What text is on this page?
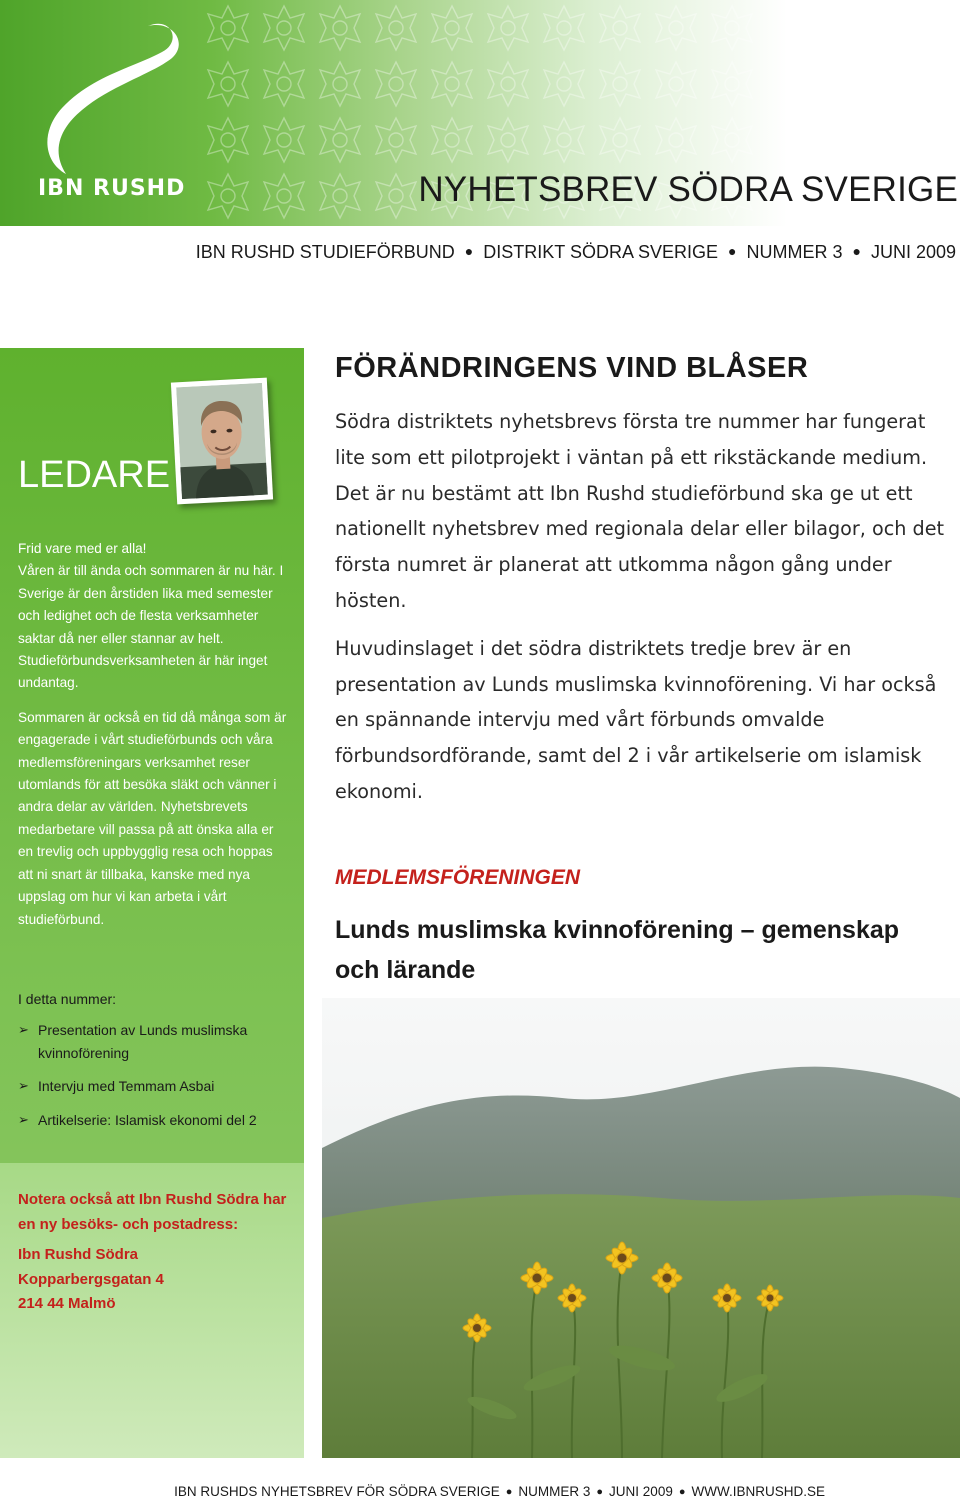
IBN RUSHD	NYHETSBREV SÖDRA SVERIGE
IBN RUSHD STUDIEFÖRBUND ● DISTRIKT SÖDRA SVERIGE ● NUMMER 3 ● JUNI 2009
LEDARE

Frid vare med er alla!

Våren är till ända och sommaren är nu här. I Sverige är den årstiden lika med semester och ledighet och de flesta verksamheter saktar då ner eller stannar av helt. Studieförbundsverksamheten är här inget undantag.

Sommaren är också en tid då många som är engagerade i vårt studieförbunds och våra medlemsföreningars verksamhet reser utomlands för att besöka släkt och vänner i andra delar av världen. Nyhetsbrevets medarbetare vill passa på att önska alla er en trevlig och uppbygglig resa och hoppas att ni snart är tillbaka, kanske med nya uppslag om hur vi kan arbeta i vårt studieförbund.

I detta nummer:
➢ Presentation av Lunds muslimska kvinnoförening
➢ Intervju med Temmam Asbai
➢ Artikelserie: Islamisk ekonomi del 2
Notera också att Ibn Rushd Södra har en ny besöks- och postadress:
Ibn Rushd Södra
Kopparbergsgatan 4
214 44 Malmö
FÖRÄNDRINGENS VIND BLÅSER

Södra distriktets nyhetsbrevs första tre nummer har fungerat lite som ett pilotprojekt i väntan på ett rikstäckande medium. Det är nu bestämt att Ibn Rushd studieförbund ska ge ut ett nationellt nyhetsbrev med regionala delar eller bilagor, och det första numret är planerat att utkomma någon gång under hösten.

Huvudinslaget i det södra distriktets tredje brev är en presentation av Lunds muslimska kvinnoförening. Vi har också en spännande intervju med vårt förbunds omvalde förbundsordförande, samt del 2 i vår artikelserie om islamisk ekonomi.

MEDLEMSFÖRENINGEN
Lunds muslimska kvinnoförening – gemenskap och lärande
IBN RUSHDS NYHETSBREV FÖR SÖDRA SVERIGE ● NUMMER 3 ● JUNI 2009 ● WWW.IBNRUSHD.SE
